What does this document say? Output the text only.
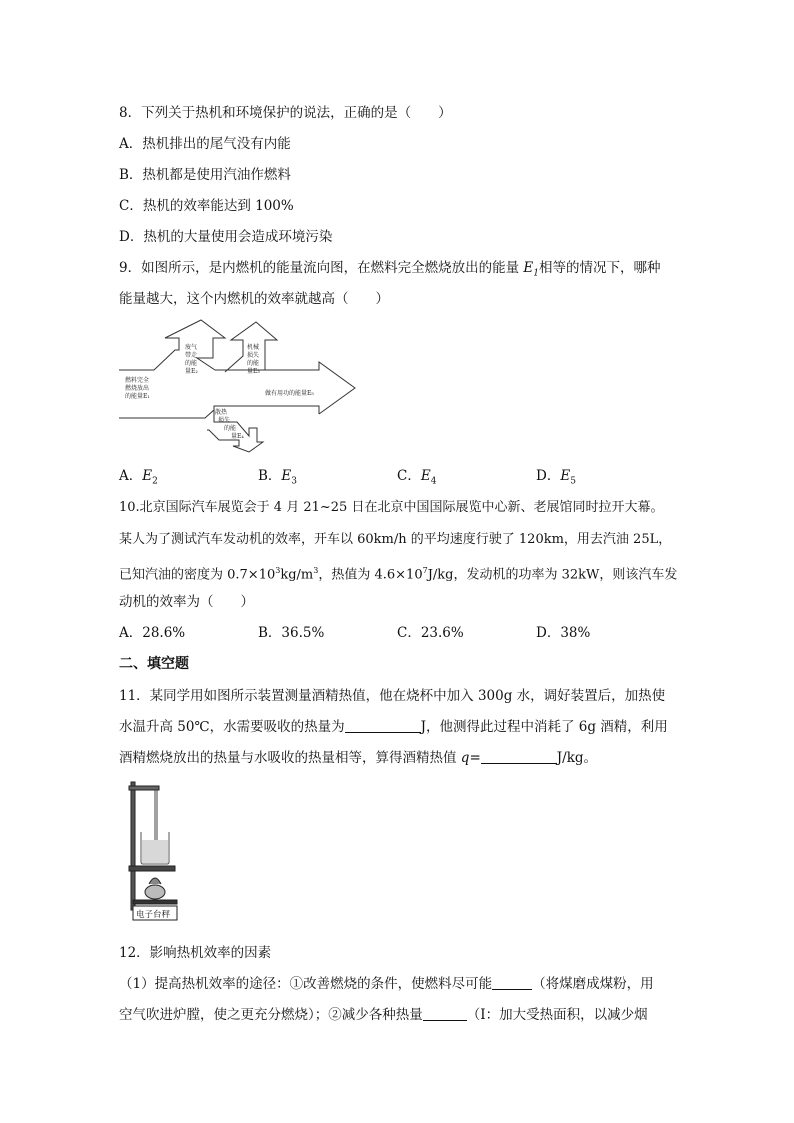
8．下列关于热机和环境保护的说法，正确的是（　　）
A．热机排出的尾气没有内能
B．热机都是使用汽油作燃料
C．热机的效率能达到 100%
D．热机的大量使用会造成环境污染
9．如图所示，是内燃机的能量流向图，在燃料完全燃烧放出的能量 $E_1$相等的情况下，哪种
能量越大，这个内燃机的效率就越高（　　）
燃料完全
燃烧放出
的能量E₁
废气
带走
的能
量E₂
机械
损失
的能
量E₃
做有用功的能量E₅
散热
损失
的能
量E₄
A．$E_2$	B．$E_3$	C．$E_4$	D．$E_5$
10.北京国际汽车展览会于 4 月 21~25 日在北京中国国际展览中心新、老展馆同时拉开大幕。
某人为了测试汽车发动机的效率，开车以 60km/h 的平均速度行驶了 120km，用去汽油 25L，
已知汽油的密度为 $0.7\times 10^3kg/m^3$，热值为 $4.6\times 10^7J/kg$，发动机的功率为 32kW，则该汽车发
动机的效率为（　　）
A．28.6%	B．36.5%	C．23.6%	D．38%
二、填空题
11．某同学用如图所示装置测量酒精热值，他在烧杯中加入 300g 水，调好装置后，加热使
水温升高 50℃，水需要吸收的热量为	J，他测得此过程中消耗了 6g 酒精，利用
酒精燃烧放出的热量与水吸收的热量相等，算得酒精热值 q=	J/kg。
电子台秤
12．影响热机效率的因素
（1）提高热机效率的途径：①改善燃烧的条件，使燃料尽可能	（将煤磨成煤粉，用
空气吹进炉膛，使之更充分燃烧）；②减少各种热量	（I：加大受热面积，以减少烟
